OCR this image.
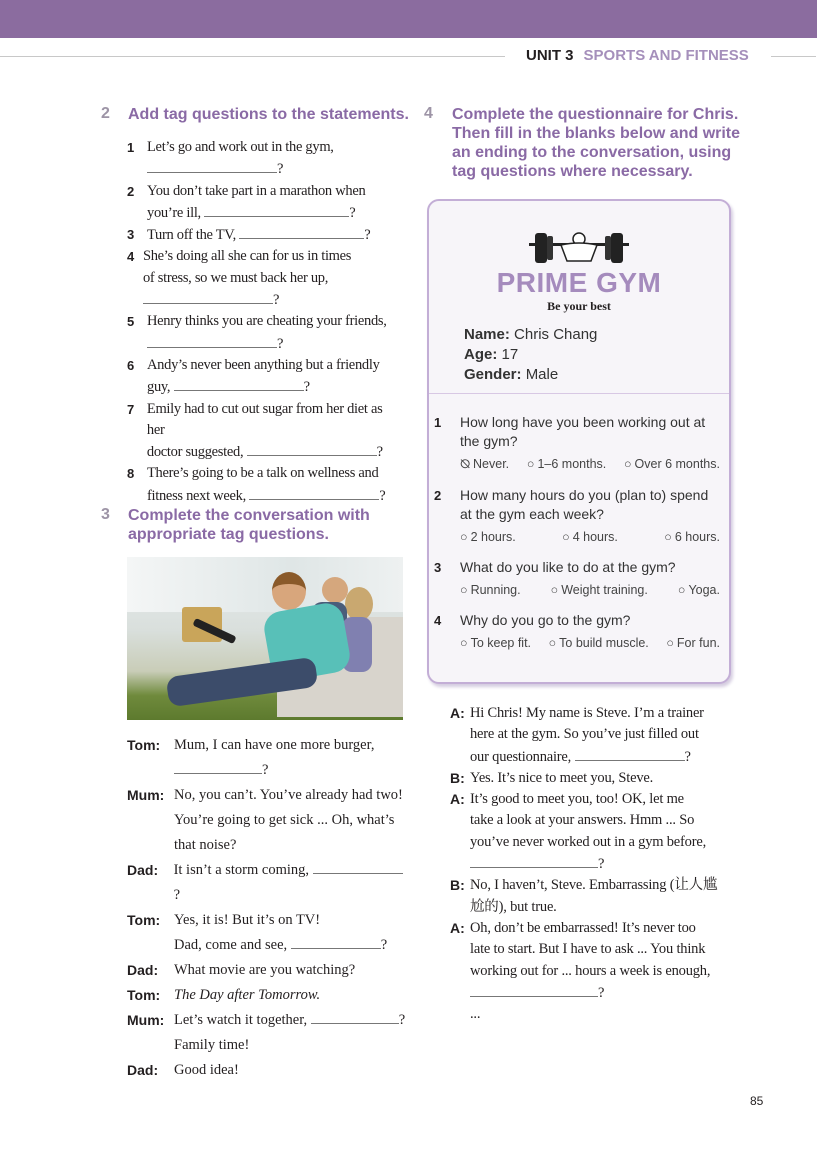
UNIT 3 SPORTS AND FITNESS
2 Add tag questions to the statements.
1 Let’s go and work out in the gym,
?
2 You don’t take part in a marathon when
you’re ill,	?
3 Turn off the TV,	?
4 She’s doing all she can for us in times
of stress, so we must back her up, ?
5 Henry thinks you are cheating your friends,
?
6 Andy’s never been anything but a friendly
guy,	?
7 Emily had to cut out sugar from her diet as her
doctor suggested,	?
8 There’s going to be a talk on wellness and
fitness next week,	?
3 Complete the conversation with
appropriate tag questions.
Tom: Mum, I can have one more burger,
?
Mum: No, you can’t. You’ve already had two!
You’re going to get sick ... Oh, what’s
that noise?
Dad:	It isn’t a storm coming, ?
Tom: Yes, it is! But it’s on TV!
Dad, come and see,	?
Dad:	What movie are you watching?
Tom: The Day after Tomorrow.
Mum: Let’s watch it together,	?
Family time!
Dad:	Good idea!
4 Complete the questionnaire for Chris.
Then fill in the blanks below and write
an ending to the conversation, using
tag questions where necessary.
PRIME GYM
Be your best
Name: Chris Chang
Age: 17
Gender: Male
1	How long have you been working out at
the gym?
⦰ Never. ○ 1–6 months. ○ Over 6 months.
2	How many hours do you (plan to) spend
at the gym each week?
○ 2 hours.	○ 4 hours.	○ 6 hours.
3	What do you like to do at the gym?
○ Running. ○ Weight training. ○ Yoga.
4	Why do you go to the gym?
○ To keep fit. ○ To build muscle. ○ For fun.
A: Hi Chris! My name is Steve. I’m a trainer
here at the gym. So you’ve just filled out
our questionnaire,	?
B: Yes. It’s nice to meet you, Steve.
A: It’s good to meet you, too! OK, let me
take a look at your answers. Hmm ... So
you’ve never worked out in a gym before,
?
B: No, I haven’t, Steve. Embarrassing (让人尴
尬的), but true.
A: Oh, don’t be embarrassed! It’s never too
late to start. But I have to ask ... You think
working out for ... hours a week is enough,
?
...
85
